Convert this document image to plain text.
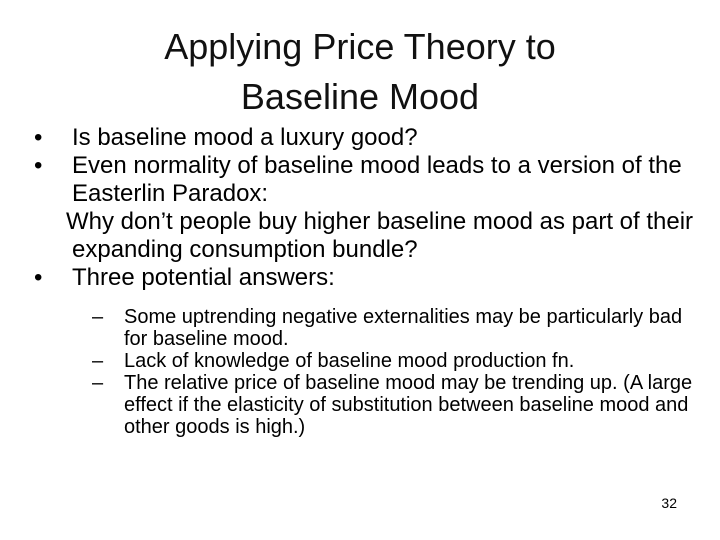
Applying Price Theory to
Baseline Mood
• Is baseline mood a luxury good?
• Even normality of baseline mood leads to a version of the Easterlin Paradox:
Why don’t people buy higher baseline mood as part of their expanding consumption bundle?
• Three potential answers:
– Some uptrending negative externalities may be particularly bad for baseline mood.
– Lack of knowledge of baseline mood production fn.
– The relative price of baseline mood may be trending up. (A large effect if the elasticity of substitution between baseline mood and other goods is high.)
32
